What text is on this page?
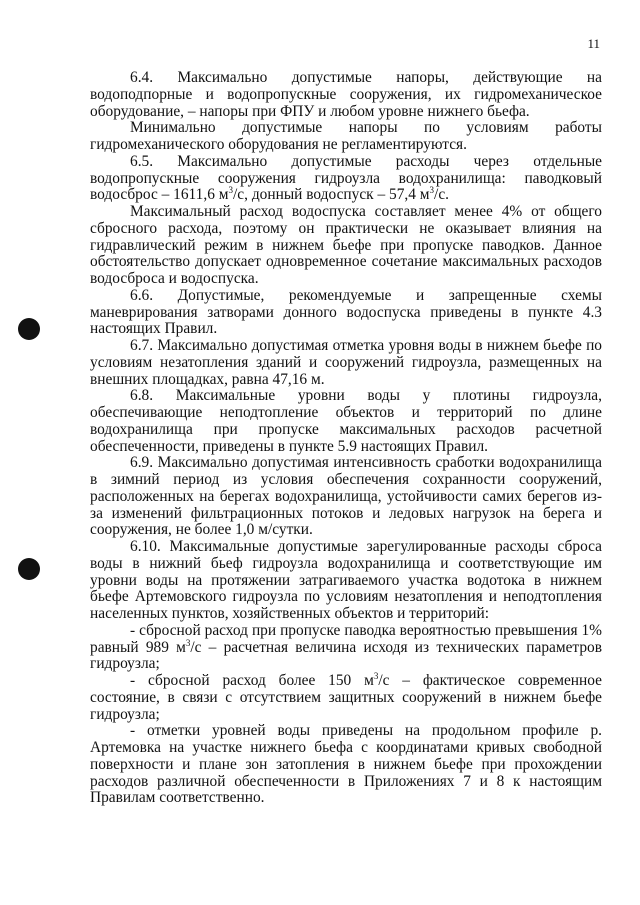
11

6.4. Максимально допустимые напоры, действующие на водоподпорные и водопропускные сооружения, их гидромеханическое оборудование, – напоры при ФПУ и любом уровне нижнего бьефа.

Минимально допустимые напоры по условиям работы гидромеханического оборудования не регламентируются.

6.5. Максимально допустимые расходы через отдельные водопропускные сооружения гидроузла водохранилища: паводковый водосброс – 1611,6 $м^3/с$, донный водоспуск – 57,4 $м^3/с$.

Максимальный расход водоспуска составляет менее 4% от общего сбросного расхода, поэтому он практически не оказывает влияния на гидравлический режим в нижнем бьефе при пропуске паводков. Данное обстоятельство допускает одновременное сочетание максимальных расходов водосброса и водоспуска.

6.6. Допустимые, рекомендуемые и запрещенные схемы маневрирования затворами донного водоспуска приведены в пункте 4.3 настоящих Правил.

6.7. Максимально допустимая отметка уровня воды в нижнем бьефе по условиям незатопления зданий и сооружений гидроузла, размещенных на внешних площадках, равна 47,16 м.

6.8. Максимальные уровни воды у плотины гидроузла, обеспечивающие неподтопление объектов и территорий по длине водохранилища при пропуске максимальных расходов расчетной обеспеченности, приведены в пункте 5.9 настоящих Правил.

6.9. Максимально допустимая интенсивность сработки водохранилища в зимний период из условия обеспечения сохранности сооружений, расположенных на берегах водохранилища, устойчивости самих берегов из-за изменений фильтрационных потоков и ледовых нагрузок на берега и сооружения, не более 1,0 м/сутки.

6.10. Максимальные допустимые зарегулированные расходы сброса воды в нижний бьеф гидроузла водохранилища и соответствующие им уровни воды на протяжении затрагиваемого участка водотока в нижнем бьефе Артемовского гидроузла по условиям незатопления и неподтопления населенных пунктов, хозяйственных объектов и территорий:

- сбросной расход при пропуске паводка вероятностью превышения 1% равный 989 $м^3/с$ – расчетная величина исходя из технических параметров гидроузла;

- сбросной расход более 150 $м^3/с$ – фактическое современное состояние, в связи с отсутствием защитных сооружений в нижнем бьефе гидроузла;

- отметки уровней воды приведены на продольном профиле р. Артемовка на участке нижнего бьефа с координатами кривых свободной поверхности и плане зон затопления в нижнем бьефе при прохождении расходов различной обеспеченности в Приложениях 7 и 8 к настоящим Правилам соответственно.
